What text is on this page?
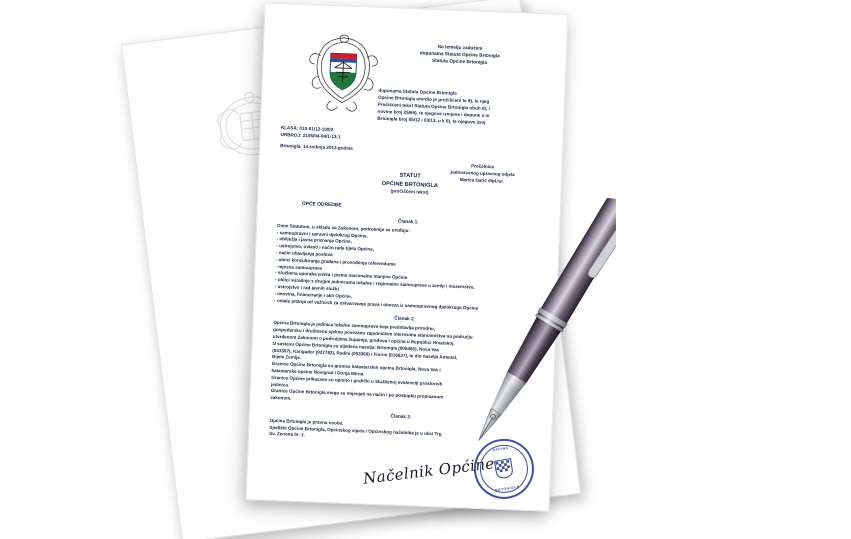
Na temelju zaduženi
dopunama Statuta Općine Brtonigla
Statuta Općine Brtonigla
dopunama Statuta Općine Brtonigla
Općine Brtonigla utvrdio je pročišćeni te 9), te njeg
Pročišćeni tekst Statuta Općine Brtonigla obuh 9), i
novine broj 25/69), te njegove izmjene i dopune a m
Brtonigla broj 05/12 i 03/13, u k 9), te njegove izmj
KLASA: 010-01/13-10/02
URBROJ: 2105/04-04/1-13-1
Brtonigla, 14.svibnja 2013.godine
Pročelnica
Jedinstvenog upravnog odjela
Marica Garić dipl.iur.
STATUT
OPĆINE BRTONIGLA
(pročišćeni tekst)
OPĆE ODREDBE
Članak 1.
Ovim Statutom, u skladu sa Zakonom, podrobnije se uređuju:
- samoupravni i upravni djelokrug Općine,
- obilježja i javna priznanja Općine,
- ustrojstvo, ovlasti i način rada tijela Općine,
- način obavljanja poslova
- oblici konzultiranja građana i provođenja referenduma
- mjesna samouprava
- službena uporaba jezika i pisma nacionalne manjine Općine
- oblici suradnje s drugim jedinicama lokalne i regionalne samouprave u zemlji i inozemstvu,
- ustrojstvo i rad javnih službi
- imovina, financiranje i akti Općine,
- ostala pitanja od važnosti za ostvarivanje prava i obveza iz samoupravnog djelokruga Općine
Članak 2.
Općina Brtonigla je jedinica lokalne samouprave koja predstavlja prirodnu,
gospodarsku i društvenu cjelinu povezanu zajedničkim interesima stanovništva na području
utvrđenom Zakonom o područjima županija, gradova i općina u Republici Hrvatskoj.
U sastavu Općine Brtonigla su sljedeća naselja: Brtonigla (006465), Nova Vas
(043397), Karigador (027782), Radini (053369) i Fiorini (016837), te dio naselja Antenal,
Bijele Zemlje.
Granice Općine Brtonigla su granice katastarskih općina Brtonigla, Nova Vas i
katastarske općine Novigrad i Donja Mirna.
Granice Općine prikazane su opisno i grafički u Službenoj evidenciji prostornih
jedinica.
Granice Općine Brtonigla mogu se mijenjati na način i po postupku propisanom
zakonom.
Članak 3.
Općina Brtonigla je pravna osoba.
Sjedište Općine Brtonigla, Općinskog vijeća i Općinskog načelnika je u ulici Trg
Sv. Zenona br. 1.
Načelnik Općine
OPĆINA
BRTONIGLA
